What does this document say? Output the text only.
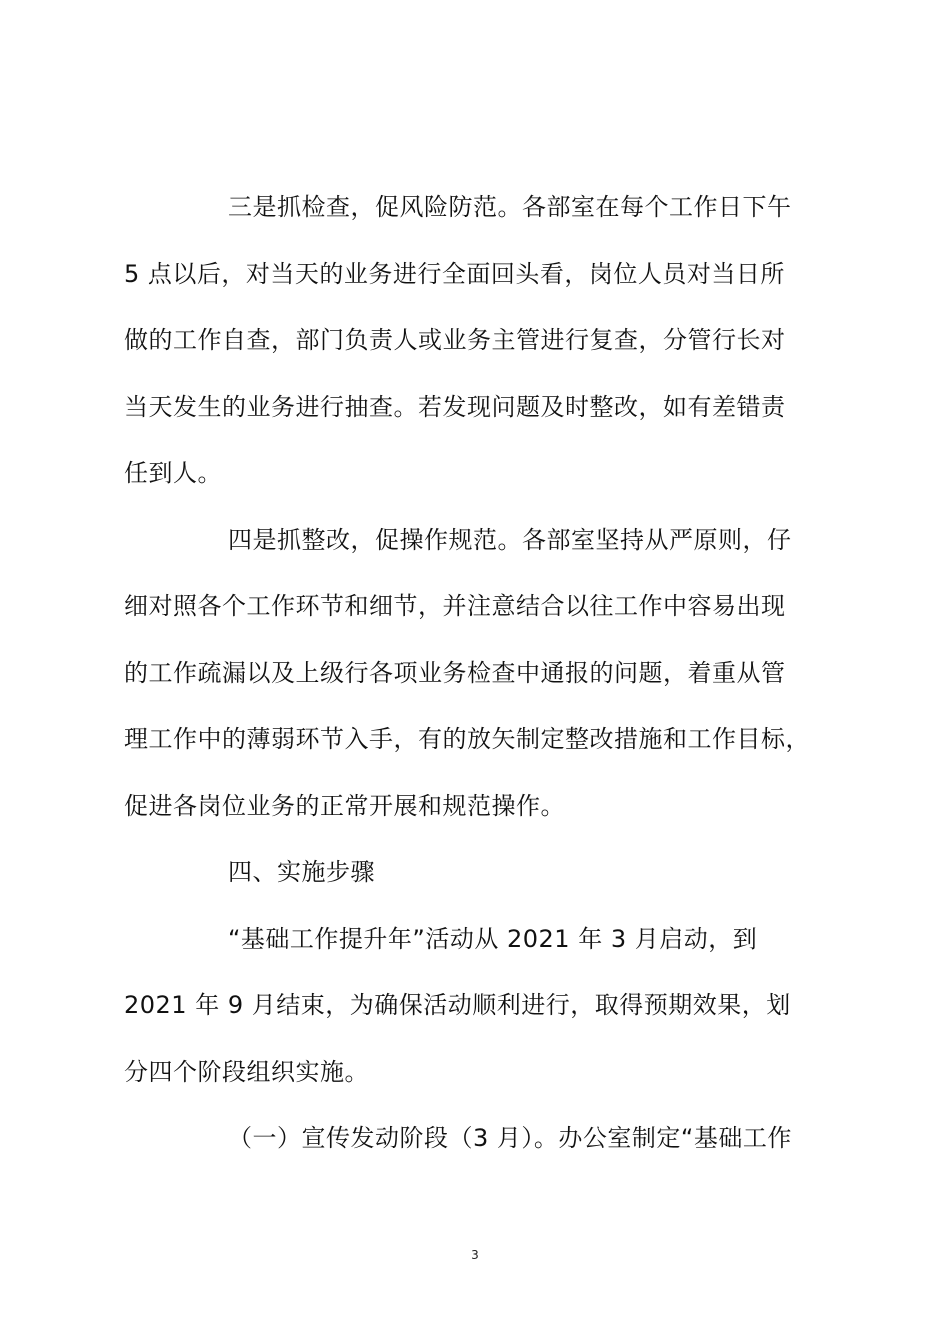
三是抓检查，促风险防范。各部室在每个工作日下午
5 点以后，对当天的业务进行全面回头看，岗位人员对当日所
做的工作自查，部门负责人或业务主管进行复查，分管行长对
当天发生的业务进行抽查。若发现问题及时整改，如有差错责
任到人。
四是抓整改，促操作规范。各部室坚持从严原则，仔
细对照各个工作环节和细节，并注意结合以往工作中容易出现
的工作疏漏以及上级行各项业务检查中通报的问题，着重从管
理工作中的薄弱环节入手，有的放矢制定整改措施和工作目标，
促进各岗位业务的正常开展和规范操作。
四、实施步骤
“基础工作提升年”活动从 2021 年 3 月启动，到
2021 年 9 月结束，为确保活动顺利进行，取得预期效果，划
分四个阶段组织实施。
（一）宣传发动阶段（3 月）。办公室制定“基础工作
3
